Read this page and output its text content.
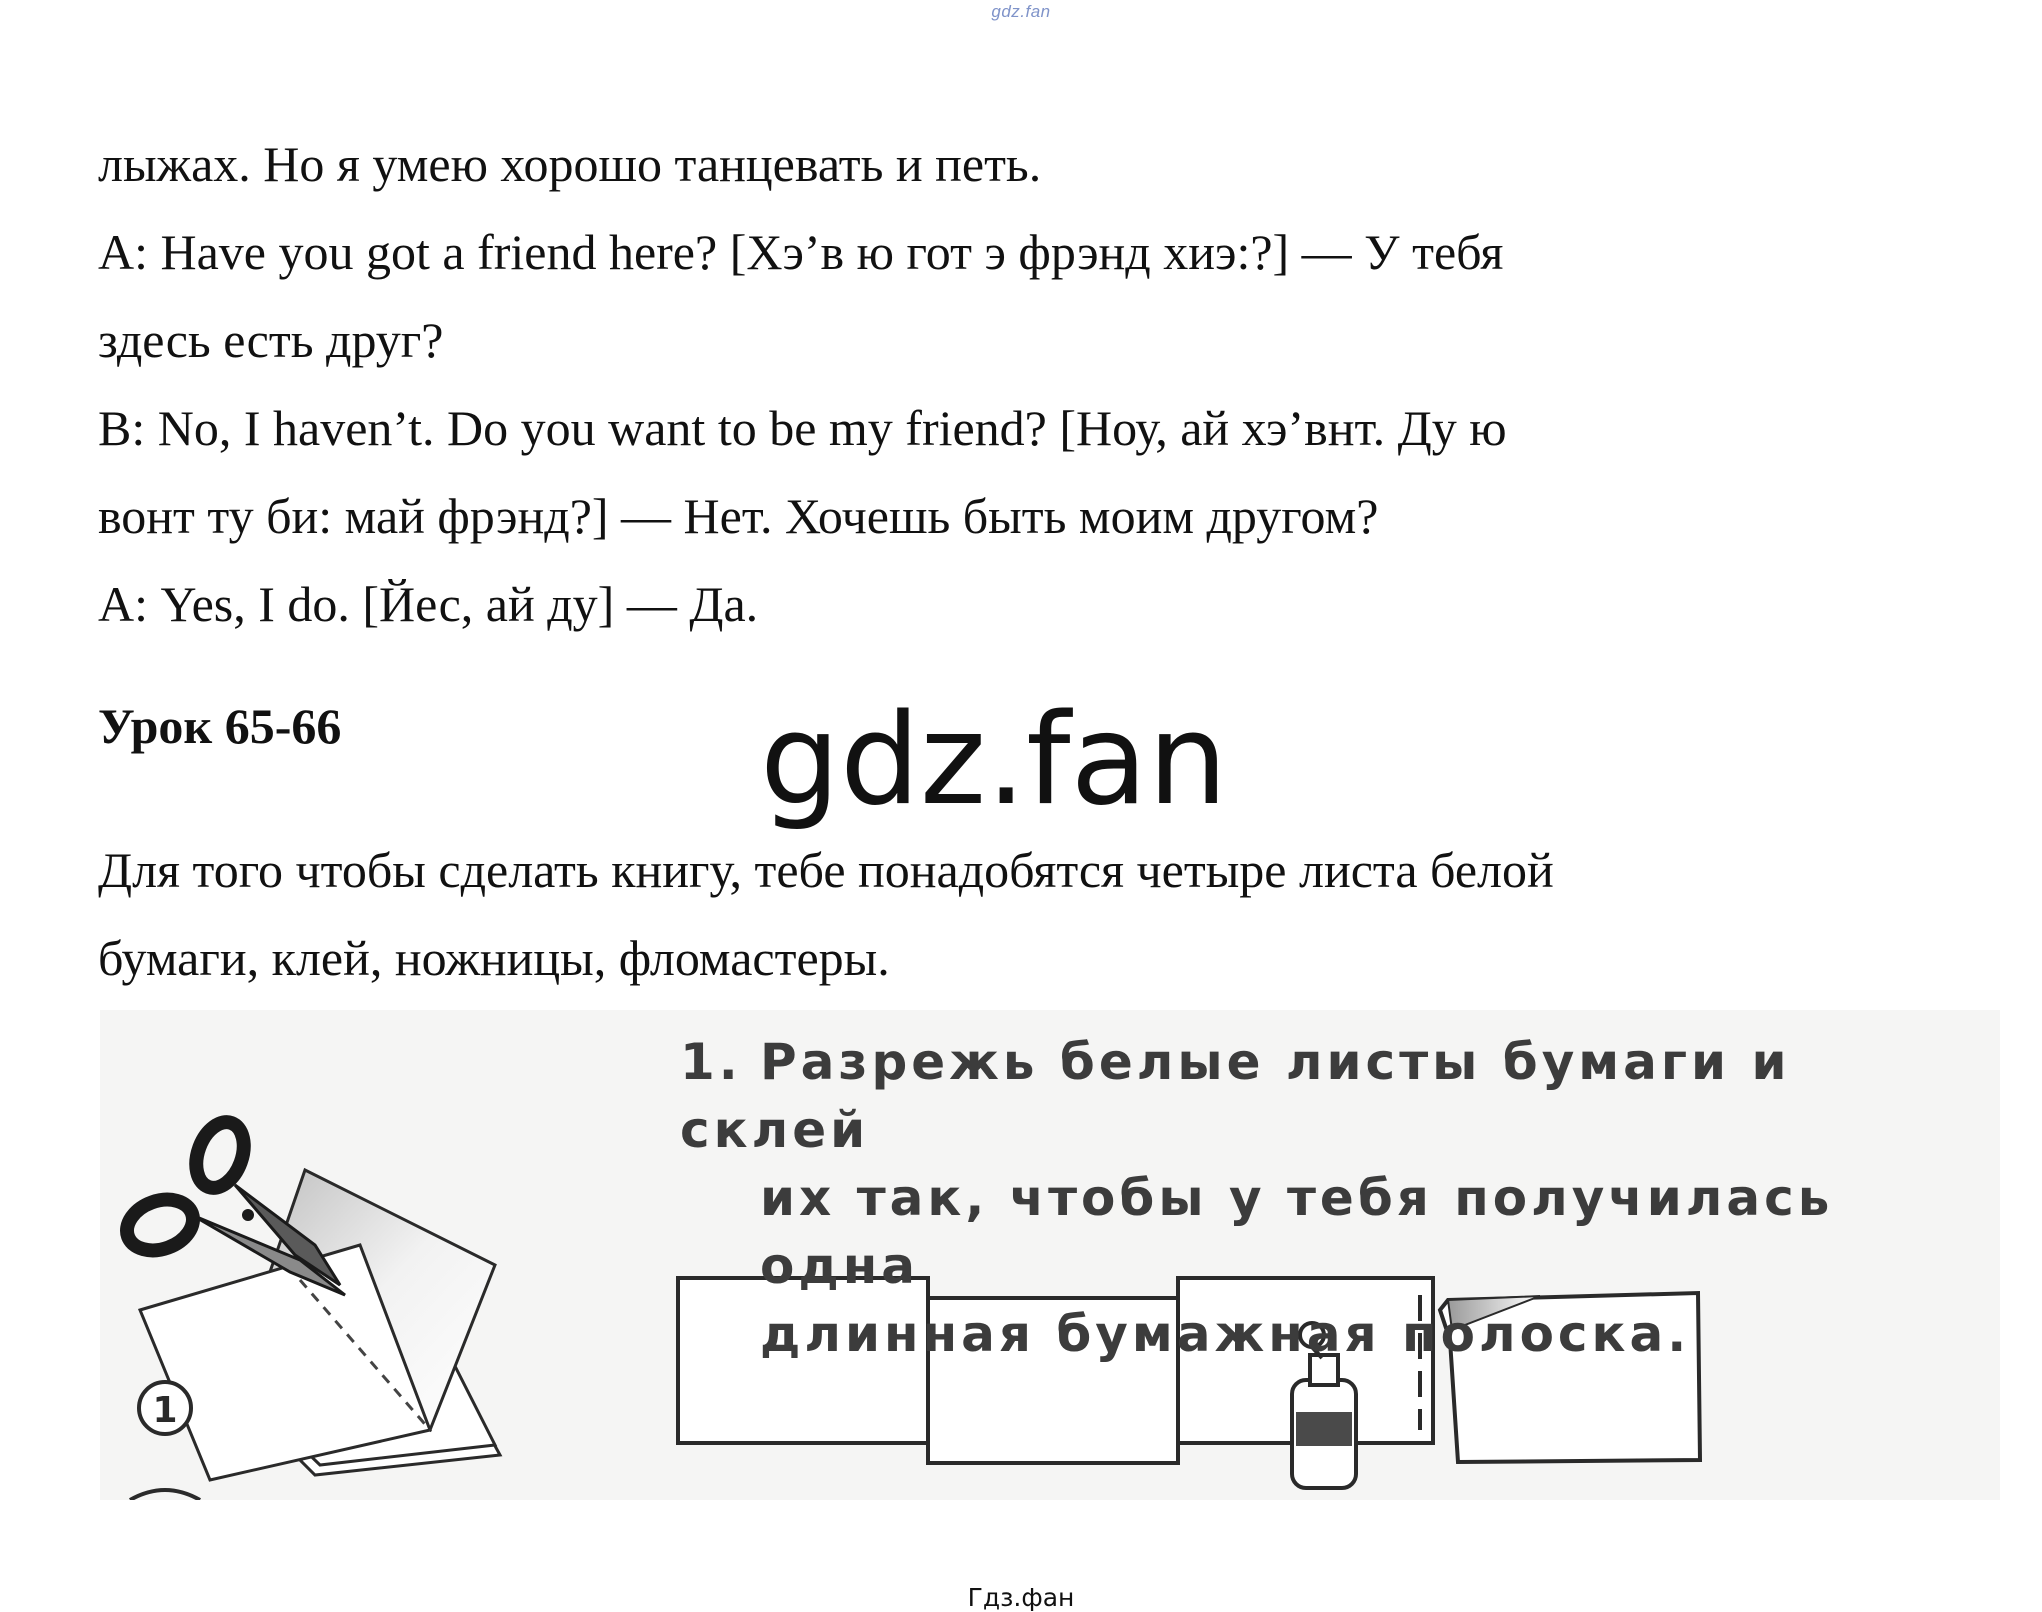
gdz.fan
лыжах. Но я умею хорошо танцевать и петь.
А: Have you got a friend here? [Хэ’в ю гот э фрэнд хиэ:?] — У тебя
здесь есть друг?
B: No, I haven’t. Do you want to be my friend? [Ноу, ай хэ’внт. Ду ю
вонт ту би: май фрэнд?] — Нет. Хочешь быть моим другом?
А: Yes, I do. [Йес, ай ду] — Да.
Урок 65-66	gdz.fan
Для того чтобы сделать книгу, тебе понадобятся четыре листа белой
бумаги, клей, ножницы, фломастеры.
1
1. Разрежь белые листы бумаги и склей
их так, чтобы у тебя получилась одна
длинная бумажная полоска.
Гдз.фан
